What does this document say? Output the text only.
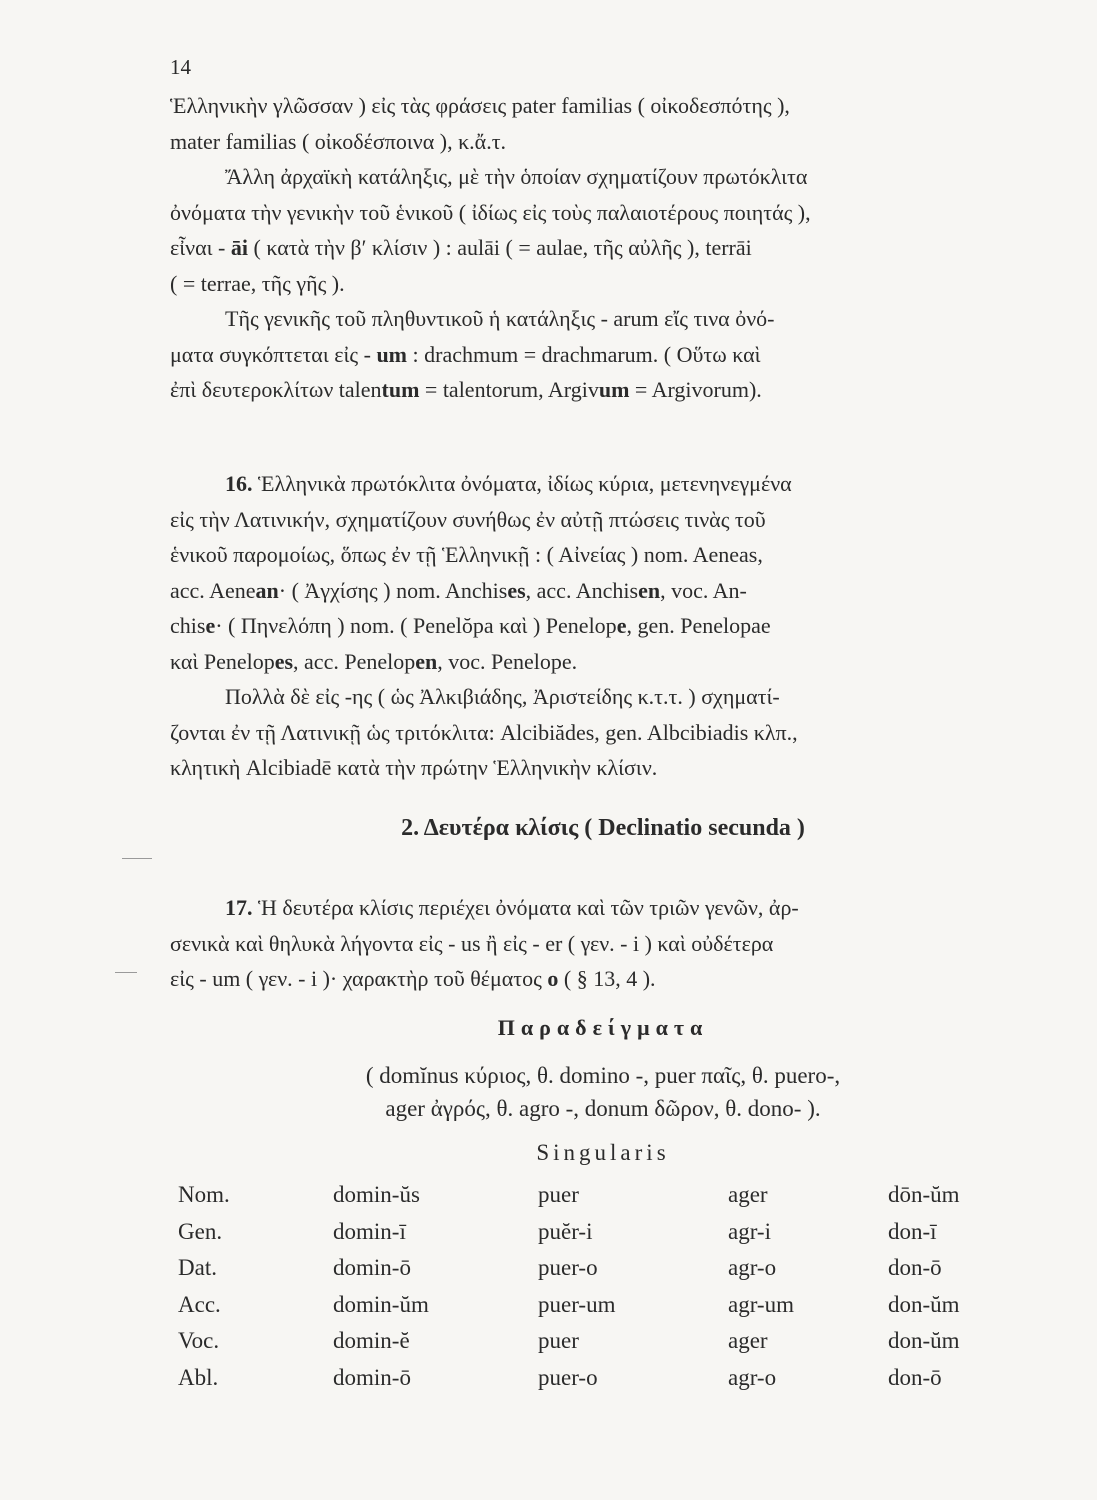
14

Ἑλληνικὴν γλῶσσαν ) εἰς τὰς φράσεις pater familias ( οἰκοδεσπότης ),
mater familias ( οἰκοδέσποινα ), κ.ἄ.τ.

Ἄλλη ἀρχαϊκὴ κατάληξις, μὲ τὴν ὁποίαν σχηματίζουν πρωτόκλιτα
ὀνόματα τὴν γενικὴν τοῦ ἑνικοῦ ( ἰδίως εἰς τοὺς παλαιοτέρους ποιητάς ),
εἶναι - āi ( κατὰ τὴν β′ κλίσιν ) : aulāi ( = aulae, τῆς αὐλῆς ), terrāi
( = terrae, τῆς γῆς ).

Τῆς γενικῆς τοῦ πληθυντικοῦ ἡ κατάληξις - arum εἴς τινα ὀνό-
ματα συγκόπτεται εἰς - um : drachmum = drachmarum. ( Οὕτω καὶ
ἐπὶ δευτεροκλίτων talentum = talentorum, Argivum = Argivorum).

16. Ἑλληνικὰ πρωτόκλιτα ὀνόματα, ἰδίως κύρια, μετενηνεγμένα
εἰς τὴν Λατινικήν, σχηματίζουν συνήθως ἐν αὐτῇ πτώσεις τινὰς τοῦ
ἑνικοῦ παρομοίως, ὅπως ἐν τῇ Ἑλληνικῇ : ( Αἰνείας ) nom. Aeneas,
acc. Aenean· ( Ἀγχίσης ) nom. Anchises, acc. Anchisen, voc. An-
chise· ( Πηνελόπη ) nom. ( Penelŏpa καὶ ) Penelope, gen. Penelopae
καὶ Penelopes, acc. Penelopen, voc. Penelope.

Πολλὰ δὲ εἰς -ης ( ὡς Ἀλκιβιάδης, Ἀριστείδης κ.τ.τ. ) σχηματί-
ζονται ἐν τῇ Λατινικῇ ὡς τριτόκλιτα: Alcibiădes, gen. Albcibiadis κλπ.,
κλητικὴ Alcibiadē κατὰ τὴν πρώτην Ἑλληνικὴν κλίσιν.

2. Δευτέρα κλίσις ( Declinatio secunda )

17. Ἡ δευτέρα κλίσις περιέχει ὀνόματα καὶ τῶν τριῶν γενῶν, ἀρ-
σενικὰ καὶ θηλυκὰ λήγοντα εἰς - us ἢ εἰς - er ( γεν. - i ) καὶ οὐδέτερα
εἰς - um ( γεν. - i )· χαρακτὴρ τοῦ θέματος o ( § 13, 4 ).

Παραδείγματα
( domĭnus κύριος, θ. domino -, puer παῖς, θ. puero-,
ager ἀγρός, θ. agro -, donum δῶρον, θ. dono- ).
Singularis
Nom.	domin-ŭs	puer	ager	dōn-ŭm
Gen.	domin-ī	puĕr-i	agr-i	don-ī
Dat.	domin-ō	puer-o	agr-o	don-ō
Acc.	domin-ŭm	puer-um	agr-um	don-ŭm
Voc.	domin-ĕ	puer	ager	don-ŭm
Abl.	domin-ō	puer-o	agr-o	don-ō
